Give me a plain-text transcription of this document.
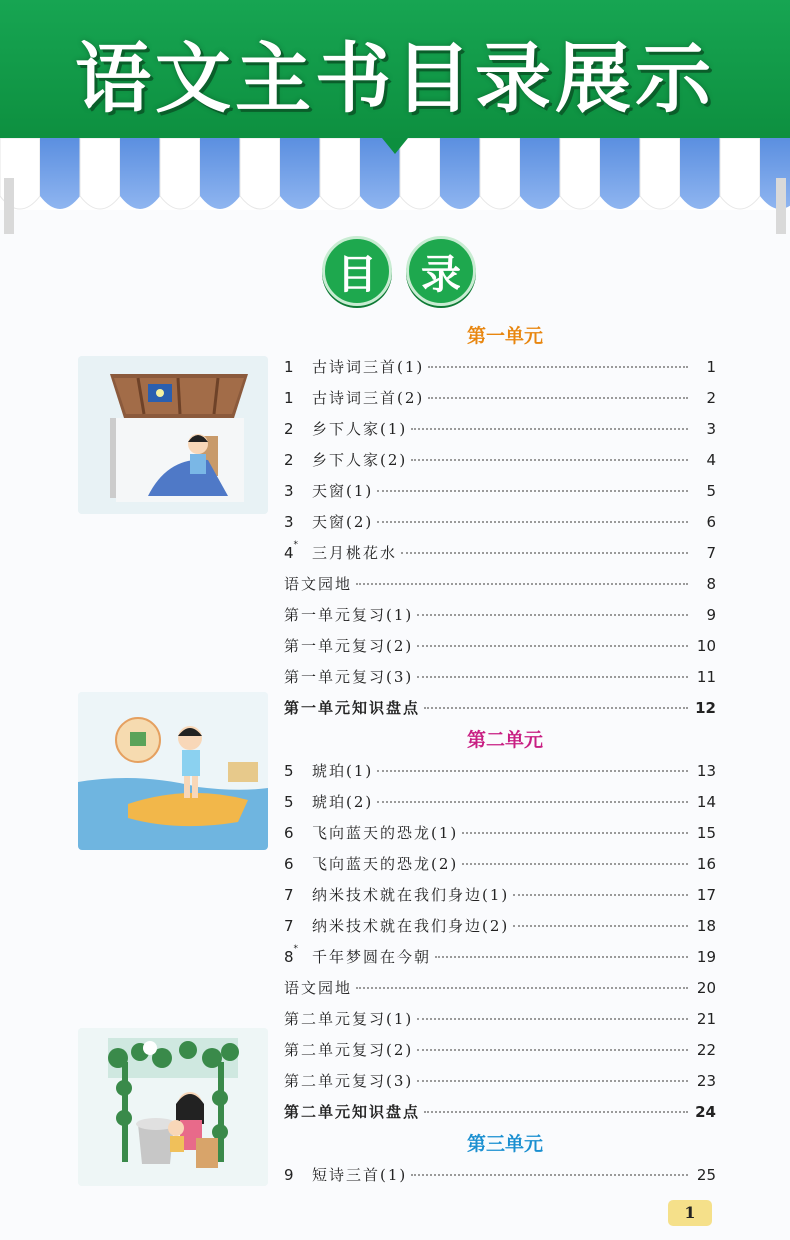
语文主书目录展示
目	录
第一单元
1	古诗词三首(1)	1
1	古诗词三首(2)	2
2	乡下人家(1)	3
2	乡下人家(2)	4
3	天窗(1)	5
3	天窗(2)	6
4* 三月桃花水	7
语文园地	8
第一单元复习(1)	9
第一单元复习(2)	10
第一单元复习(3)	11
第一单元知识盘点	12
第二单元
5	琥珀(1)	13
5	琥珀(2)	14
6	飞向蓝天的恐龙(1)	15
6	飞向蓝天的恐龙(2)	16
7	纳米技术就在我们身边(1)	17
7	纳米技术就在我们身边(2)	18
8* 千年梦圆在今朝	19
语文园地	20
第二单元复习(1)	21
第二单元复习(2)	22
第二单元复习(3)	23
第二单元知识盘点	24
第三单元
9	短诗三首(1)	25
1
